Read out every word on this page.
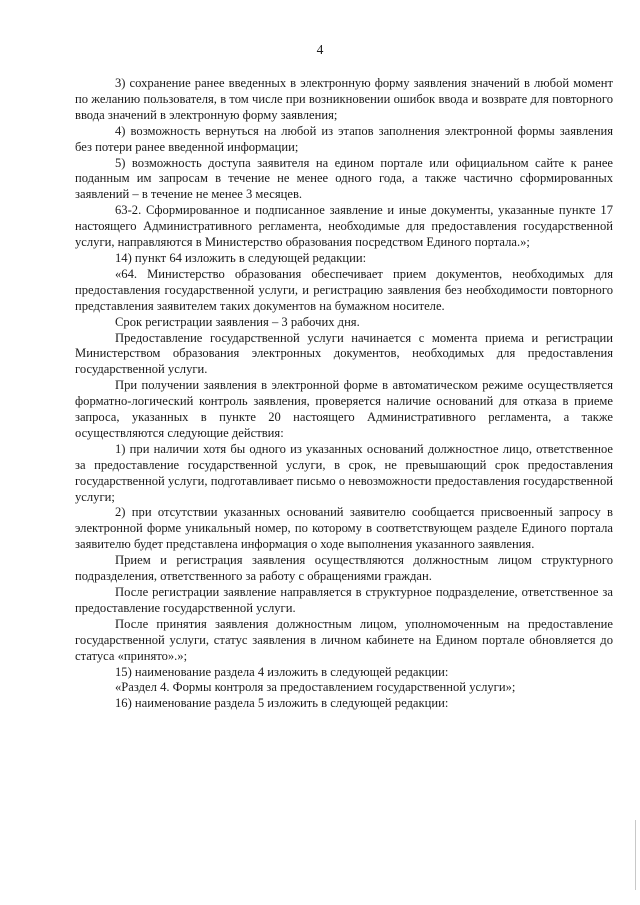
4

3) сохранение ранее введенных в электронную форму заявления значений в любой момент по желанию пользователя, в том числе при возникновении ошибок ввода и возврате для повторного ввода значений в электронную форму заявления;

4) возможность вернуться на любой из этапов заполнения электронной формы заявления без потери ранее введенной информации;

5) возможность доступа заявителя на едином портале или официальном сайте к ранее поданным им запросам в течение не менее одного года, а также частично сформированных заявлений – в течение не менее 3 месяцев.

63-2. Сформированное и подписанное заявление и иные документы, указанные пункте 17 настоящего Административного регламента, необходимые для предоставления государственной услуги, направляются в Министерство образования посредством Единого портала.»;

14) пункт 64 изложить в следующей редакции:

«64. Министерство образования обеспечивает прием документов, необходимых для предоставления государственной услуги, и регистрацию заявления без необходимости повторного представления заявителем таких документов на бумажном носителе.

Срок регистрации заявления – 3 рабочих дня.

Предоставление государственной услуги начинается с момента приема и регистрации Министерством образования электронных документов, необходимых для предоставления государственной услуги.

При получении заявления в электронной форме в автоматическом режиме осуществляется форматно-логический контроль заявления, проверяется наличие оснований для отказа в приеме запроса, указанных в пункте 20 настоящего Административного регламента, а также осуществляются следующие действия:

1) при наличии хотя бы одного из указанных оснований должностное лицо, ответственное за предоставление государственной услуги, в срок, не превышающий срок предоставления государственной услуги, подготавливает письмо о невозможности предоставления государственной услуги;

2) при отсутствии указанных оснований заявителю сообщается присвоенный запросу в электронной форме уникальный номер, по которому в соответствующем разделе Единого портала заявителю будет представлена информация о ходе выполнения указанного заявления.

Прием и регистрация заявления осуществляются должностным лицом структурного подразделения, ответственного за работу с обращениями граждан.

После регистрации заявление направляется в структурное подразделение, ответственное за предоставление государственной услуги.

После принятия заявления должностным лицом, уполномоченным на предоставление государственной услуги, статус заявления в личном кабинете на Едином портале обновляется до статуса «принято».»;

15) наименование раздела 4 изложить в следующей редакции:

«Раздел 4. Формы контроля за предоставлением государственной услуги»;

16) наименование раздела 5 изложить в следующей редакции:
